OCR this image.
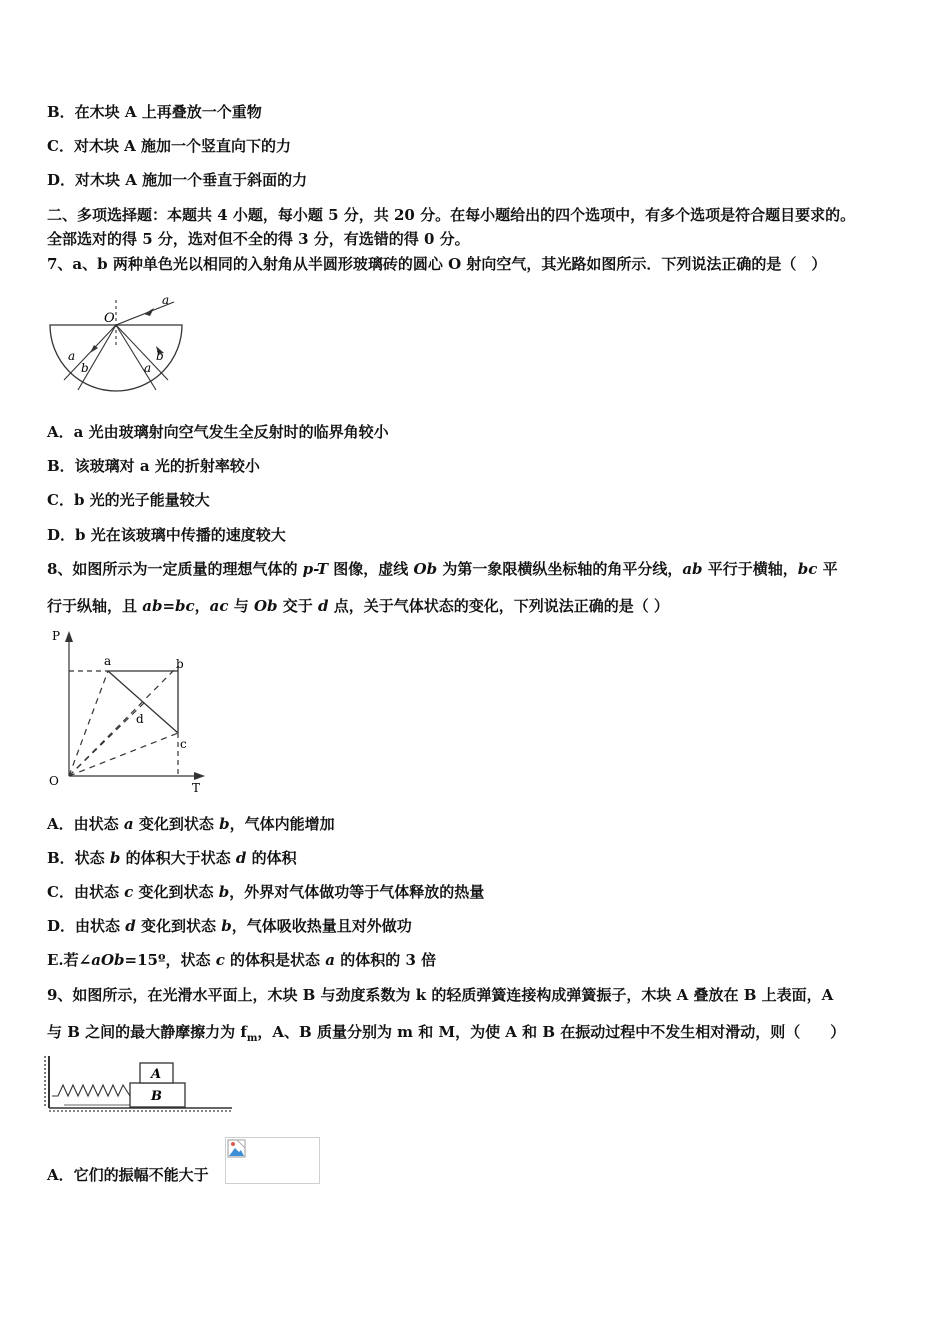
B．在木块 A 上再叠放一个重物
C．对木块 A 施加一个竖直向下的力
D．对木块 A 施加一个垂直于斜面的力
二、多项选择题：本题共 4 小题，每小题 5 分，共 20 分。在每小题给出的四个选项中，有多个选项是符合题目要求的。
全部选对的得 5 分，选对但不全的得 3 分，有选错的得 0 分。
7、a、b 两种单色光以相同的入射角从半圆形玻璃砖的圆心 O 射向空气，其光路如图所示．下列说法正确的是（　）
O
a
a
b
b
a
A．a 光由玻璃射向空气发生全反射时的临界角较小
B．该玻璃对 a 光的折射率较小
C．b 光的光子能量较大
D．b 光在该玻璃中传播的速度较大
8、如图所示为一定质量的理想气体的 p-T 图像，虚线 Ob 为第一象限横纵坐标轴的角平分线，ab 平行于横轴，bc 平
行于纵轴，且 ab=bc，ac 与 Ob 交于 d 点，关于气体状态的变化，下列说法正确的是（ ）
P
T
O
a	b
c
d
A．由状态 a 变化到状态 b，气体内能增加
B．状态 b 的体积大于状态 d 的体积
C．由状态 c 变化到状态 b，外界对气体做功等于气体释放的热量
D．由状态 d 变化到状态 b，气体吸收热量且对外做功
E.若∠aOb=15º，状态 c 的体积是状态 a 的体积的 3 倍
9、如图所示，在光滑水平面上，木块 B 与劲度系数为 k 的轻质弹簧连接构成弹簧振子，木块 A 叠放在 B 上表面，A
与 B 之间的最大静摩擦力为 $f_m$，A、B 质量分别为 m 和 M，为使 A 和 B 在振动过程中不发生相对滑动，则（　　）
A
B
A．它们的振幅不能大于
